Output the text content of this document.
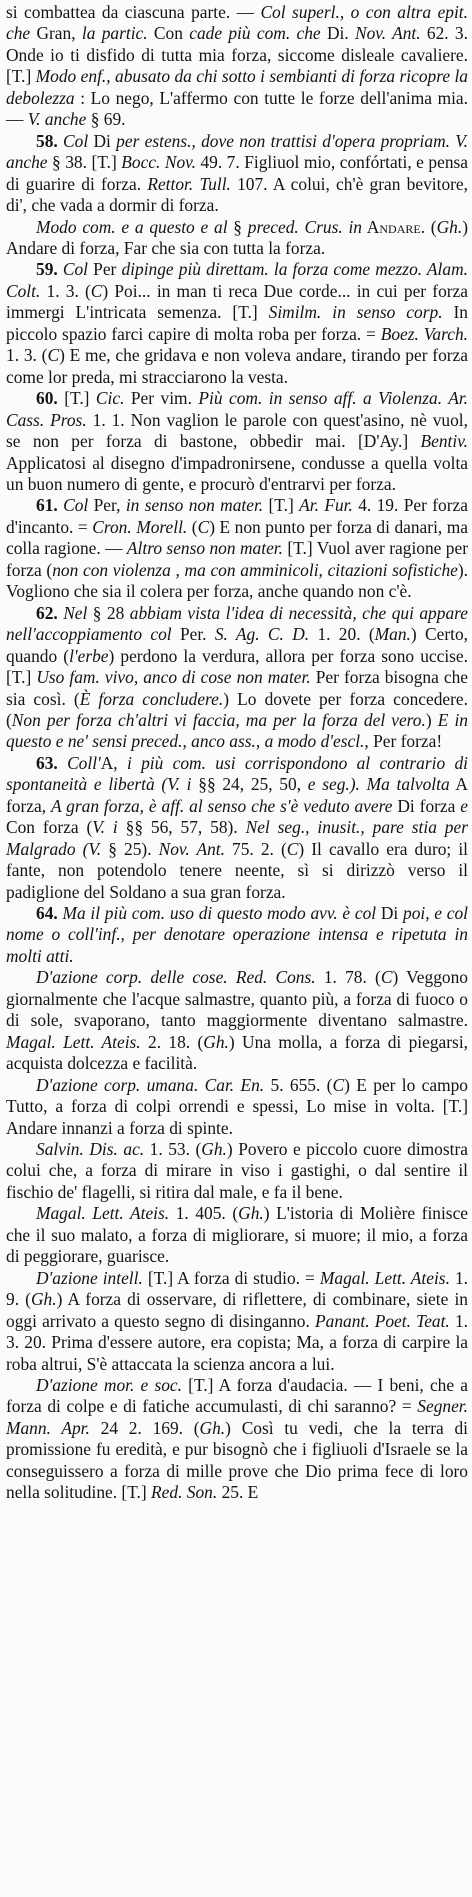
si combattea da ciascuna parte. — Col superl., o con altra epit. che Gran, la partic. Con cade più com. che Di. Nov. Ant. 62. 3. Onde io ti disfido di tutta mia forza, siccome disleale cavaliere. [T.] Modo enf., abusato da chi sotto i sembianti di forza ricopre la debolezza : Lo nego, L'affermo con tutte le forze dell'anima mia. — V. anche § 69.

58. Col Di per estens., dove non trattisi d'opera propriam. V. anche § 38. [T.] Bocc. Nov. 49. 7. Figliuol mio, confórtati, e pensa di guarire di forza. Rettor. Tull. 107. A colui, ch'è gran bevitore, di', che vada a dormir di forza.

Modo com. e a questo e al § preced. Crus. in Andare. (Gh.) Andare di forza, Far che sia con tutta la forza.

59. Col Per dipinge più direttam. la forza come mezzo. Alam. Colt. 1. 3. (C) Poi... in man ti reca Due corde... in cui per forza immergi L'intricata semenza. [T.] Similm. in senso corp. In piccolo spazio farci capire di molta roba per forza. = Boez. Varch. 1. 3. (C) E me, che gridava e non voleva andare, tirando per forza come lor preda, mi stracciarono la vesta.

60. [T.] Cic. Per vim. Più com. in senso aff. a Violenza. Ar. Cass. Pros. 1. 1. Non vaglion le parole con quest'asino, nè vuol, se non per forza di bastone, obbedir mai. [D'Ay.] Bentiv. Applicatosi al disegno d'impadronirsene, condusse a quella volta un buon numero di gente, e procurò d'entrarvi per forza.

61. Col Per, in senso non mater. [T.] Ar. Fur. 4. 19. Per forza d'incanto. = Cron. Morell. (C) E non punto per forza di danari, ma colla ragione. — Altro senso non mater. [T.] Vuol aver ragione per forza (non con violenza , ma con amminicoli, citazioni sofistiche). Vogliono che sia il colera per forza, anche quando non c'è.

62. Nel § 28 abbiam vista l'idea di necessità, che qui appare nell'accoppiamento col Per. S. Ag. C. D. 1. 20. (Man.) Certo, quando (l'erbe) perdono la verdura, allora per forza sono uccise. [T.] Uso fam. vivo, anco di cose non mater. Per forza bisogna che sia così. (È forza concludere.) Lo dovete per forza concedere. (Non per forza ch'altri vi faccia, ma per la forza del vero.) E in questo e ne' sensi preced., anco ass., a modo d'escl., Per forza!

63. Coll'A, i più com. usi corrispondono al contrario di spontaneità e libertà (V. i §§ 24, 25, 50, e seg.). Ma talvolta A forza, A gran forza, è aff. al senso che s'è veduto avere Di forza e Con forza (V. i §§ 56, 57, 58). Nel seg., inusit., pare stia per Malgrado (V. § 25). Nov. Ant. 75. 2. (C) Il cavallo era duro; il fante, non potendolo tenere neente, sì si dirizzò verso il padiglione del Soldano a sua gran forza.

64. Ma il più com. uso di questo modo avv. è col Di poi, e col nome o coll'inf., per denotare operazione intensa e ripetuta in molti atti.

D'azione corp. delle cose. Red. Cons. 1. 78. (C) Veggono giornalmente che l'acque salmastre, quanto più, a forza di fuoco o di sole, svaporano, tanto maggiormente diventano salmastre. Magal. Lett. Ateis. 2. 18. (Gh.) Una molla, a forza di piegarsi, acquista dolcezza e facilità.

D'azione corp. umana. Car. En. 5. 655. (C) E per lo campo Tutto, a forza di colpi orrendi e spessi, Lo mise in volta. [T.] Andare innanzi a forza di spinte.

Salvin. Dis. ac. 1. 53. (Gh.) Povero e piccolo cuore dimostra colui che, a forza di mirare in viso i gastighi, o dal sentire il fischio de' flagelli, si ritira dal male, e fa il bene.

Magal. Lett. Ateis. 1. 405. (Gh.) L'istoria di Molière finisce che il suo malato, a forza di migliorare, si muore; il mio, a forza di peggiorare, guarisce.

D'azione intell. [T.] A forza di studio. = Magal. Lett. Ateis. 1. 9. (Gh.) A forza di osservare, di riflettere, di combinare, siete in oggi arrivato a questo segno di disinganno. Panant. Poet. Teat. 1. 3. 20. Prima d'essere autore, era copista; Ma, a forza di carpire la roba altrui, S'è attaccata la scienza ancora a lui.

D'azione mor. e soc. [T.] A forza d'audacia. — I beni, che a forza di colpe e di fatiche accumulasti, di chi saranno? = Segner. Mann. Apr. 24 2. 169. (Gh.) Così tu vedi, che la terra di promissione fu eredità, e pur bisognò che i figliuoli d'Israele se la conseguissero a forza di mille prove che Dio prima fece di loro nella solitudine. [T.] Red. Son. 25. E
